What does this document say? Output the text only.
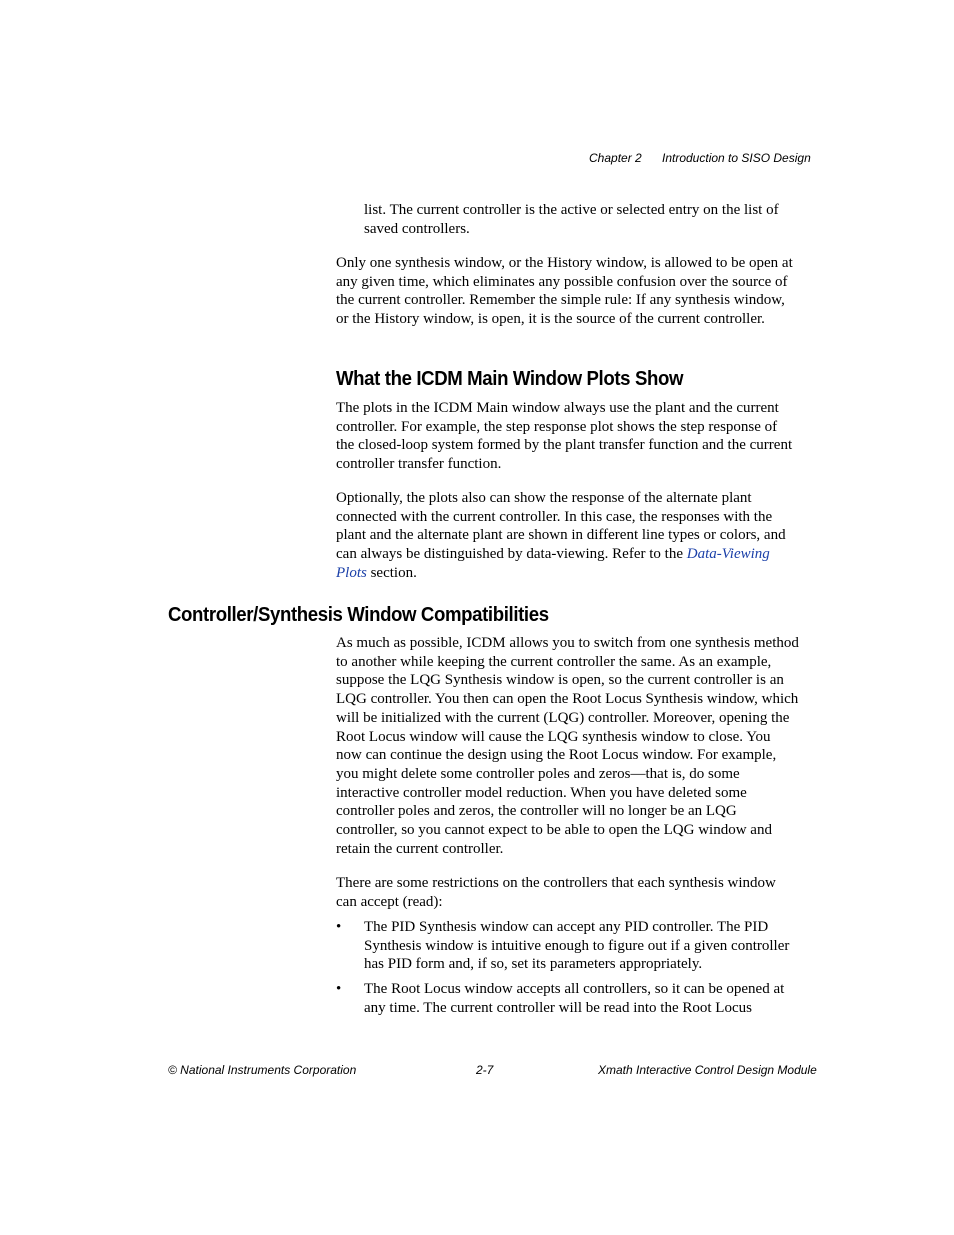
Chapter 2 Introduction to SISO Design

list. The current controller is the active or selected entry on the list of saved controllers.

Only one synthesis window, or the History window, is allowed to be open at any given time, which eliminates any possible confusion over the source of the current controller. Remember the simple rule: If any synthesis window, or the History window, is open, it is the source of the current controller.

What the ICDM Main Window Plots Show

The plots in the ICDM Main window always use the plant and the current controller. For example, the step response plot shows the step response of the closed-loop system formed by the plant transfer function and the current controller transfer function.

Optionally, the plots also can show the response of the alternate plant connected with the current controller. In this case, the responses with the plant and the alternate plant are shown in different line types or colors, and can always be distinguished by data-viewing. Refer to the Data-Viewing Plots section.

Controller/Synthesis Window Compatibilities

As much as possible, ICDM allows you to switch from one synthesis method to another while keeping the current controller the same. As an example, suppose the LQG Synthesis window is open, so the current controller is an LQG controller. You then can open the Root Locus Synthesis window, which will be initialized with the current (LQG) controller. Moreover, opening the Root Locus window will cause the LQG synthesis window to close. You now can continue the design using the Root Locus window. For example, you might delete some controller poles and zeros—that is, do some interactive controller model reduction. When you have deleted some controller poles and zeros, the controller will no longer be an LQG controller, so you cannot expect to be able to open the LQG window and retain the current controller.

There are some restrictions on the controllers that each synthesis window can accept (read):

• The PID Synthesis window can accept any PID controller. The PID Synthesis window is intuitive enough to figure out if a given controller has PID form and, if so, set its parameters appropriately.
• The Root Locus window accepts all controllers, so it can be opened at any time. The current controller will be read into the Root Locus
© National Instruments Corporation	2-7	Xmath Interactive Control Design Module
